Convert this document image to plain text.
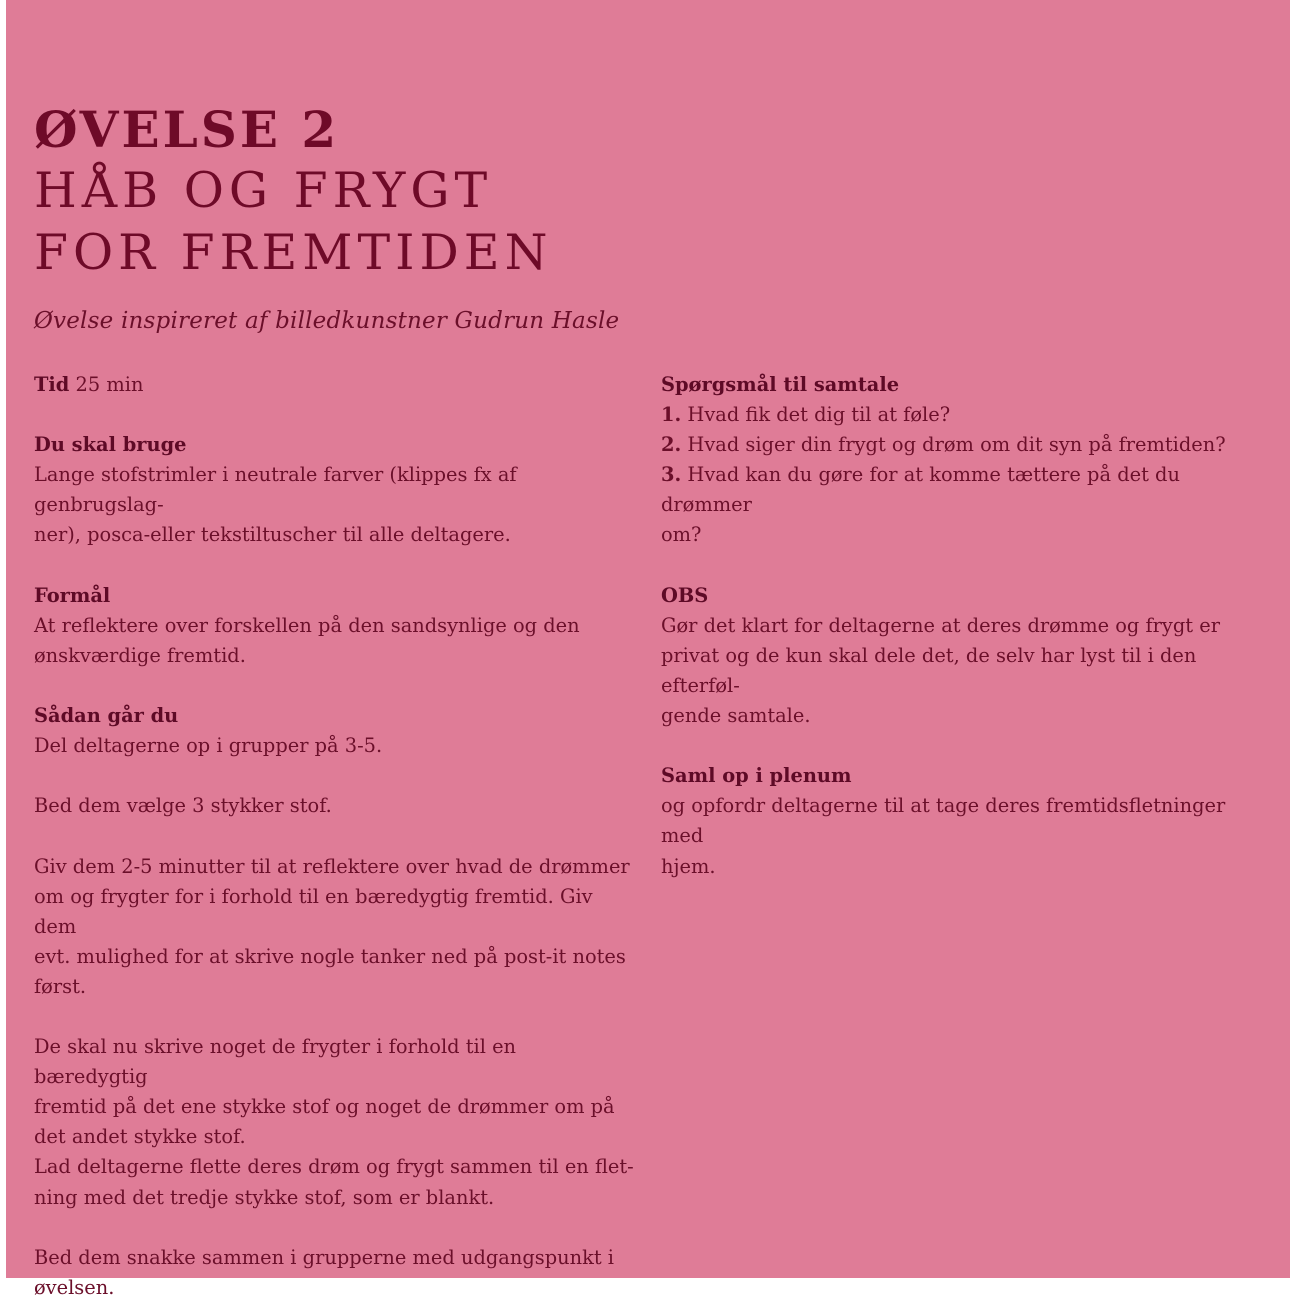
ØVELSE 2
HÅB OG FRYGT
FOR FREMTIDEN
Øvelse inspireret af billedkunstner Gudrun Hasle
Tid 25 min
Du skal bruge
Lange stofstrimler i neutrale farver (klippes fx af genbrugslag-
ner), posca-eller tekstiltuscher til alle deltagere.
Formål
At reflektere over forskellen på den sandsynlige og den
ønskværdige fremtid.
Sådan går du
Del deltagerne op i grupper på 3-5.
Bed dem vælge 3 stykker stof.
Giv dem 2-5 minutter til at reflektere over hvad de drømmer
om og frygter for i forhold til en bæredygtig fremtid. Giv dem
evt. mulighed for at skrive nogle tanker ned på post-it notes
først.
De skal nu skrive noget de frygter i forhold til en bæredygtig
fremtid på det ene stykke stof og noget de drømmer om på
det andet stykke stof.
Lad deltagerne flette deres drøm og frygt sammen til en flet-
ning med det tredje stykke stof, som er blankt.
Bed dem snakke sammen i grupperne med udgangspunkt i
øvelsen.
Spørgsmål til samtale
1. Hvad fik det dig til at føle?
2. Hvad siger din frygt og drøm om dit syn på fremtiden?
3. Hvad kan du gøre for at komme tættere på det du drømmer
om?
OBS
Gør det klart for deltagerne at deres drømme og frygt er
privat og de kun skal dele det, de selv har lyst til i den efterføl-
gende samtale.
Saml op i plenum
og opfordr deltagerne til at tage deres fremtidsfletninger med
hjem.
